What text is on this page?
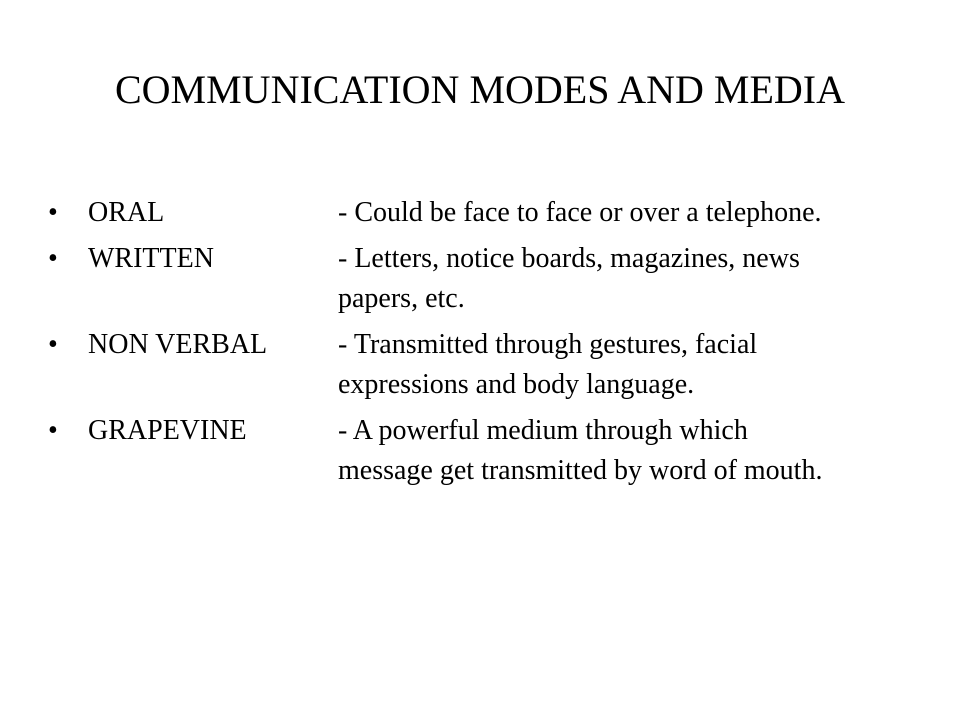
COMMUNICATION MODES AND MEDIA
•	ORAL	- Could be face to face or over a telephone.
•	WRITTEN	- Letters, notice boards, magazines, news
papers, etc.
•	NON VERBAL	- Transmitted through gestures, facial
expressions and body language.
•	GRAPEVINE	- A powerful medium through which
message get transmitted by word of mouth.
